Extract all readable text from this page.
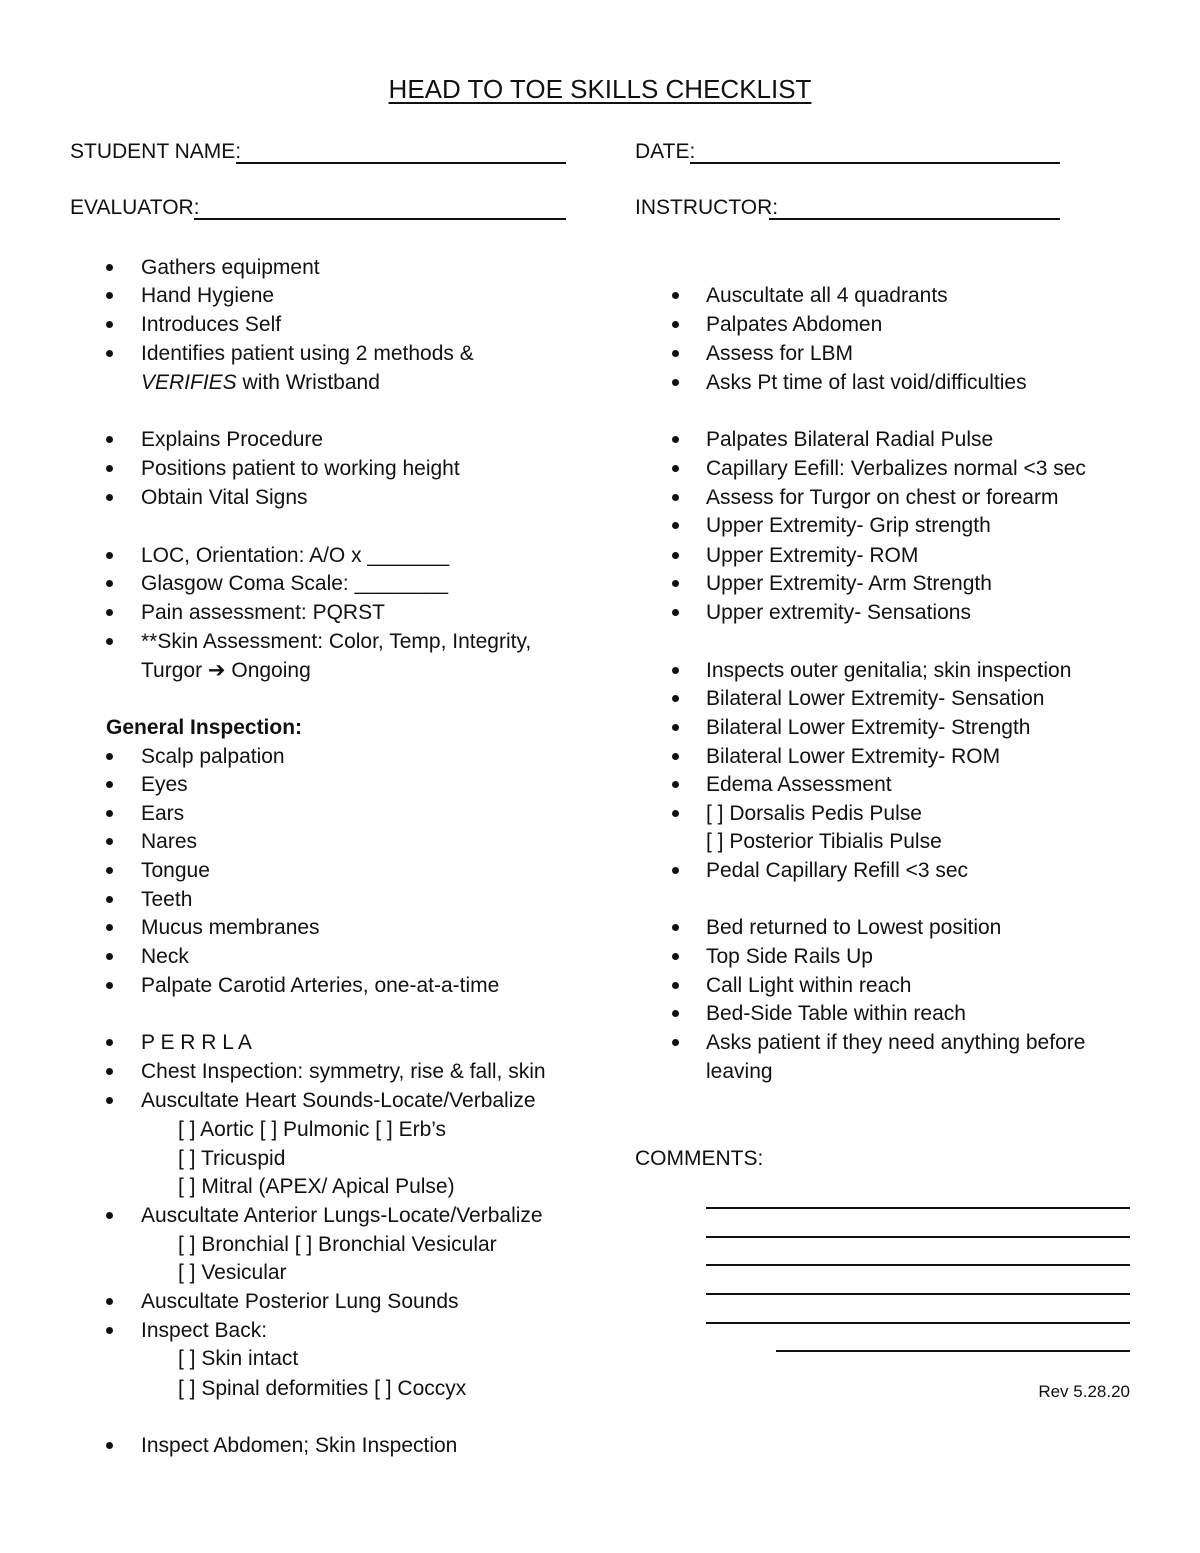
HEAD TO TOE SKILLS CHECKLIST
STUDENT NAME:	DATE:
EVALUATOR:	INSTRUCTOR:
Gathers equipment
Hand Hygiene
Introduces Self
Identifies patient using 2 methods &
VERIFIES with Wristband
Explains Procedure
Positions patient to working height
Obtain Vital Signs
LOC, Orientation: A/O x _______
Glasgow Coma Scale: ________
Pain assessment: PQRST
**Skin Assessment: Color, Temp, Integrity,
Turgor ➔ Ongoing
General Inspection:
Scalp palpation
Eyes
Ears
Nares
Tongue
Teeth
Mucus membranes
Neck
Palpate Carotid Arteries, one-at-a-time
P E R R L A
Chest Inspection: symmetry, rise & fall, skin
Auscultate Heart Sounds-Locate/Verbalize
[ ] Aortic [ ] Pulmonic [ ] Erb’s
[ ] Tricuspid
[ ] Mitral (APEX/ Apical Pulse)
Auscultate Anterior Lungs-Locate/Verbalize
[ ] Bronchial [ ] Bronchial Vesicular
[ ] Vesicular
Auscultate Posterior Lung Sounds
Inspect Back:
[ ] Skin intact
[ ] Spinal deformities [ ] Coccyx
Inspect Abdomen; Skin Inspection
Auscultate all 4 quadrants
Palpates Abdomen
Assess for LBM
Asks Pt time of last void/difficulties
Palpates Bilateral Radial Pulse
Capillary Eefill: Verbalizes normal <3 sec
Assess for Turgor on chest or forearm
Upper Extremity- Grip strength
Upper Extremity- ROM
Upper Extremity- Arm Strength
Upper extremity- Sensations
Inspects outer genitalia; skin inspection
Bilateral Lower Extremity- Sensation
Bilateral Lower Extremity- Strength
Bilateral Lower Extremity- ROM
Edema Assessment
[ ] Dorsalis Pedis Pulse
[ ] Posterior Tibialis Pulse
Pedal Capillary Refill <3 sec
Bed returned to Lowest position
Top Side Rails Up
Call Light within reach
Bed-Side Table within reach
Asks patient if they need anything before
leaving
COMMENTS:
Rev 5.28.20
